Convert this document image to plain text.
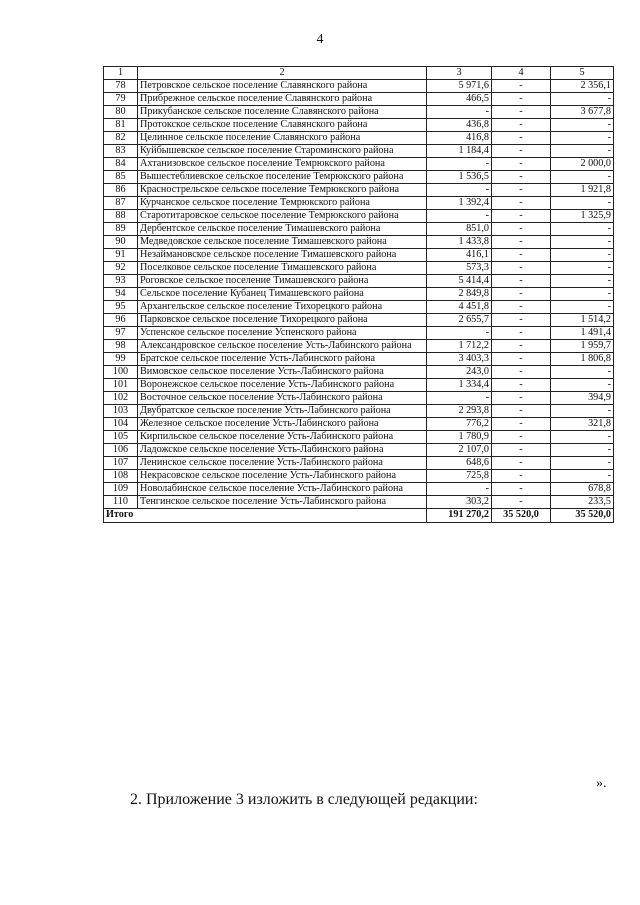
4
1	2	3	4	5
78	Петровское сельское поселение Славянского района	5 971,6	-	2 356,1
79	Прибрежное сельское поселение Славянского района	466,5	-	-
80	Прикубанское сельское поселение Славянского района	-	-	3 677,8
81	Протокское сельское поселение Славянского района	436,8	-	-
82	Целинное сельское поселение Славянского района	416,8	-	-
83	Куйбышевское сельское поселение Староминского района	1 184,4	-	-
84	Ахтанизовское сельское поселение Темрюкского района	-	-	2 000,0
85	Вышестеблиевское сельское поселение Темрюкского района	1 536,5	-	-
86	Краснострельское сельское поселение Темрюкского района	-	-	1 921,8
87	Курчанское сельское поселение Темрюкского района	1 392,4	-	-
88	Старотитаровское сельское поселение Темрюкского района	-	-	1 325,9
89	Дербентское сельское поселение Тимашевского района	851,0	-	-
90	Медведовское сельское поселение Тимашевского района	1 433,8	-	-
91	Незаймановское сельское поселение Тимашевского района	416,1	-	-
92	Поселковое сельское поселение Тимашевского района	573,3	-	-
93	Роговское сельское поселение Тимашевского района	5 414,4	-	-
94	Сельское поселение Кубанец Тимашевского района	2 849,8	-	-
95	Архангельское сельское поселение Тихорецкого района	4 451,8	-	-
96	Парковское сельское поселение Тихорецкого района	2 655,7	-	1 514,2
97	Успенское сельское поселение Успенского района	-	-	1 491,4
98	Александровское сельское поселение Усть-Лабинского района	1 712,2	-	1 959,7
99	Братское сельское поселение Усть-Лабинского района	3 403,3	-	1 806,8
100	Вимовское сельское поселение Усть-Лабинского района	243,0	-	-
101	Воронежское сельское поселение Усть-Лабинского района	1 334,4	-	-
102	Восточное сельское поселение Усть-Лабинского района	-	-	394,9
103	Двубратское сельское поселение Усть-Лабинского района	2 293,8	-	-
104	Железное сельское поселение Усть-Лабинского района	776,2	-	321,8
105	Кирпильское сельское поселение Усть-Лабинского района	1 780,9	-	-
106	Ладожское сельское поселение Усть-Лабинского района	2 107,0	-	-
107	Ленинское сельское поселение Усть-Лабинского района	648,6	-	-
108	Некрасовское сельское поселение Усть-Лабинского района	725,8	-	-
109	Новолабинское сельское поселение Усть-Лабинского района	-	-	678,8
110	Тенгинское сельское поселение Усть-Лабинского района	303,2	-	233,5
Итого		191 270,2	35 520,0	35 520,0
».
2. Приложение 3 изложить в следующей редакции:
